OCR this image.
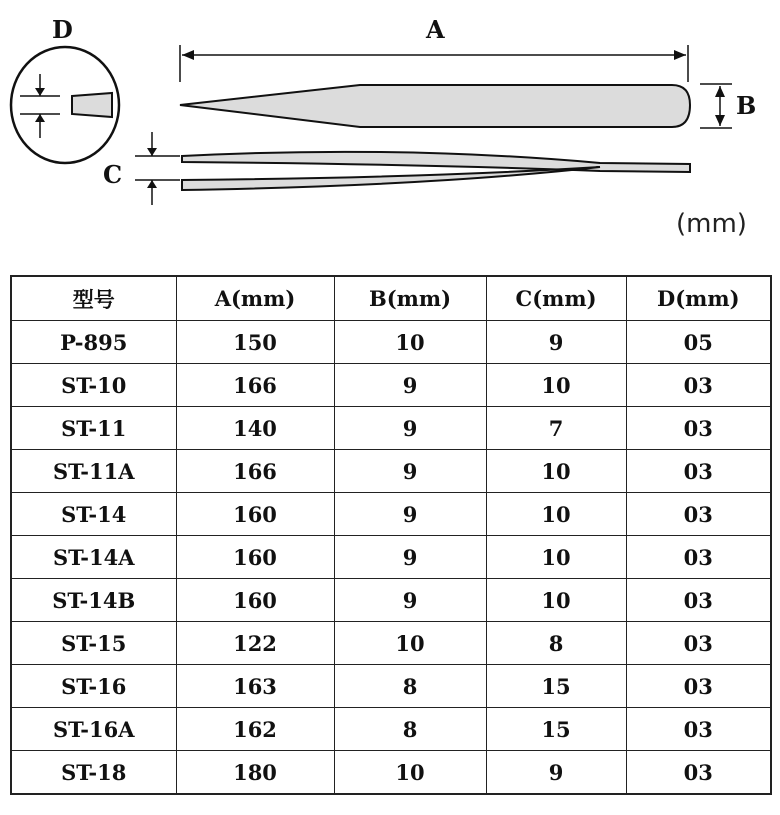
D	A
B
C
(mm)
型号	A(mm)	B(mm)	C(mm)	D(mm)
P-895	150	10	9	05
ST-10	166	9	10	03
ST-11	140	9	7	03
ST-11A	166	9	10	03
ST-14	160	9	10	03
ST-14A	160	9	10	03
ST-14B	160	9	10	03
ST-15	122	10	8	03
ST-16	163	8	15	03
ST-16A	162	8	15	03
ST-18	180	10	9	03
